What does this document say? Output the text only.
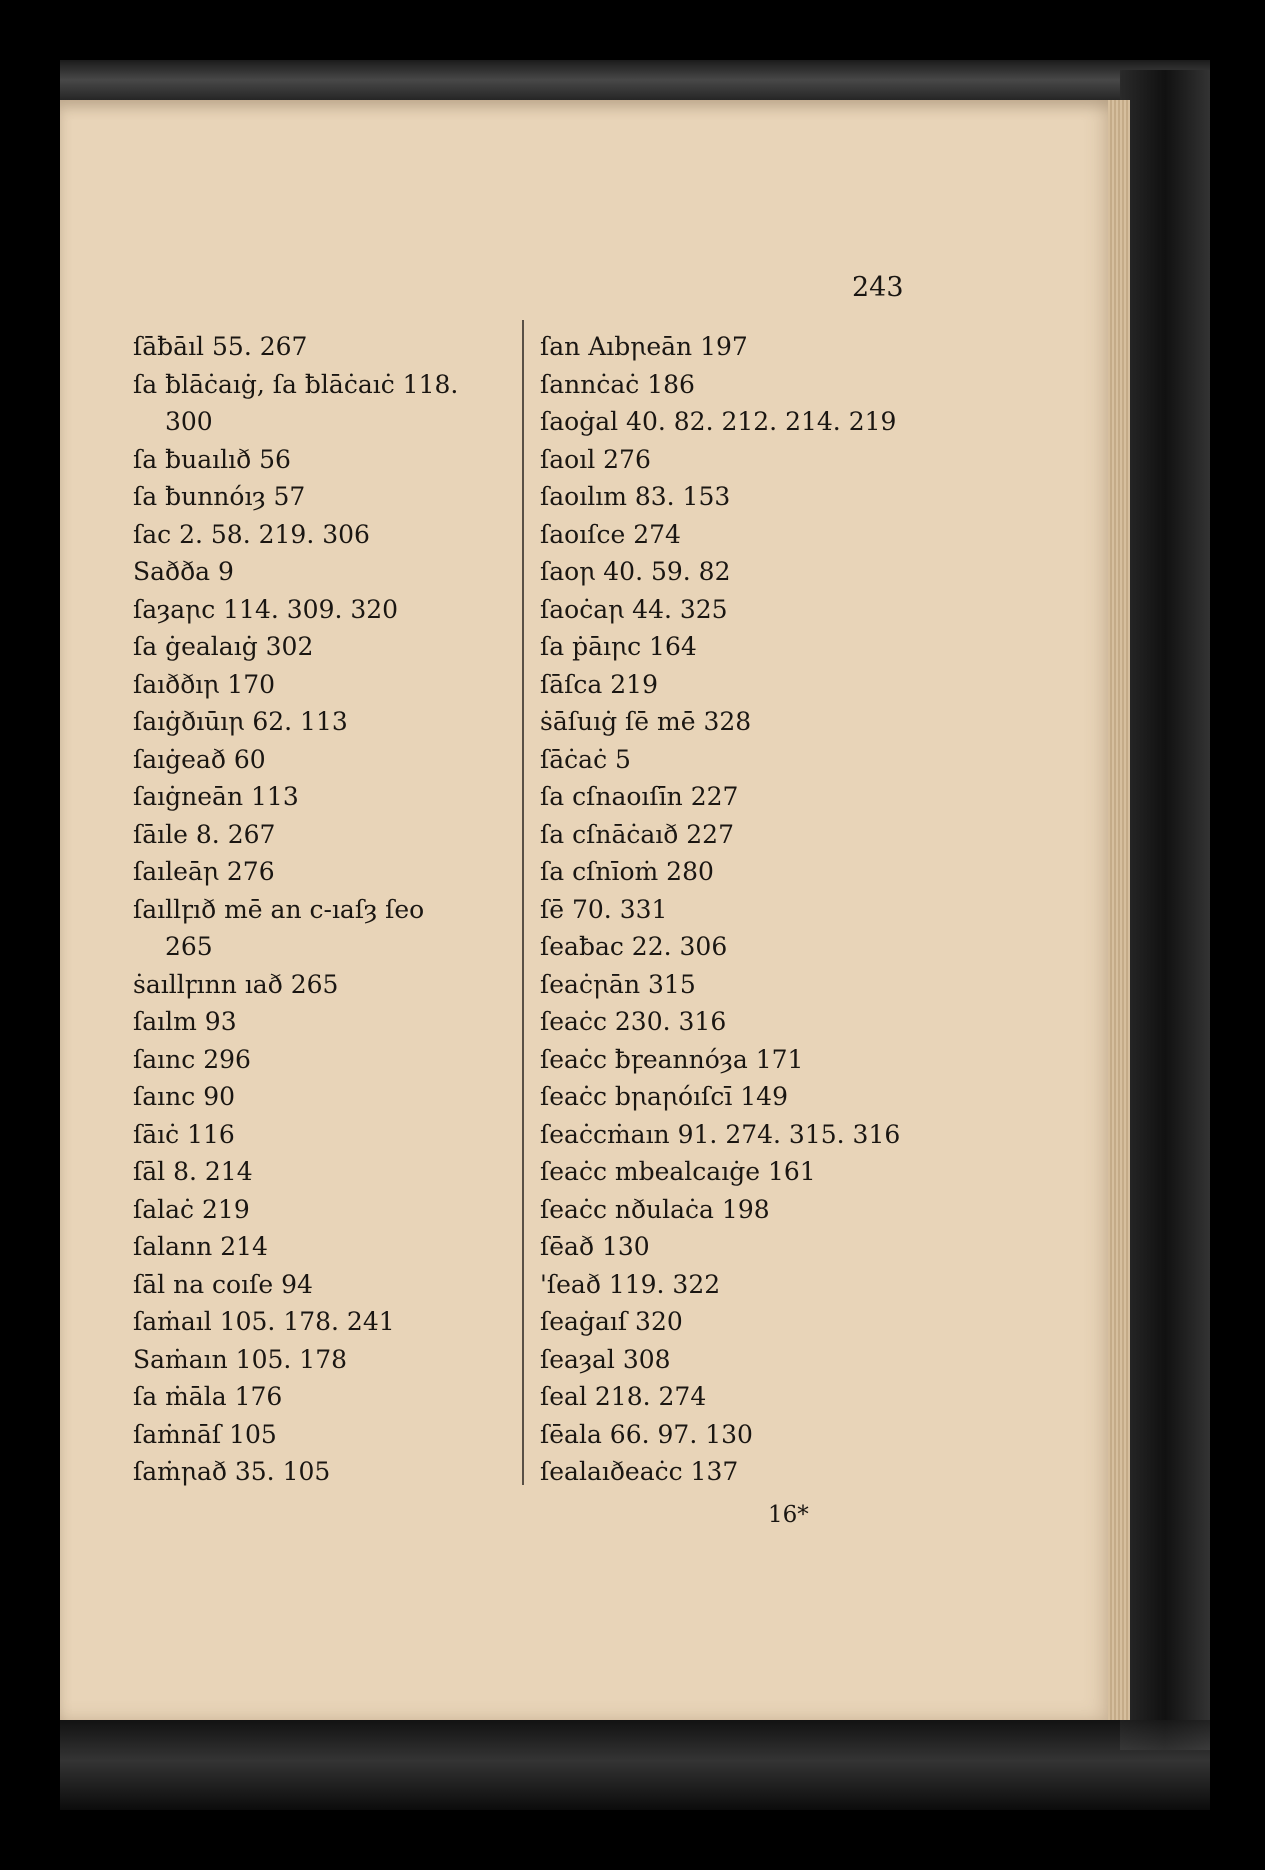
243
ſāƀāıl 55. 267
ſa ƀlāċaıġ, ſa ƀlāċaıċ 118.
300
ſa ƀuaılıð 56
ſa ƀunnóıȝ 57
ſac 2. 58. 219. 306
Saððа 9
ſaȝaꞃc 114. 309. 320
ſa ġealaıġ 302
ſaıððıꞃ 170
ſaıġðıūıꞃ 62. 113
ſaıġeað 60
ſaıġneān 113
ſāıle 8. 267
ſaıleāꞃ 276
ſaıllꝼıð mē an c-ıaſȝ ſeo
265
ṡaıllꝼınn ıað 265
ſaılm 93
ſaınc 296
ſaınc 90
ſāıċ 116
ſāl 8. 214
ſalaċ 219
ſalann 214
ſāl na coıſe 94
ſaṁaıl 105. 178. 241
Saṁaın 105. 178
ſa ṁāla 176
ſaṁnāſ 105
ſaṁꞃað 35. 105
ſan Aıbꞃeān 197
ſannċaċ 186
ſaoġal 40. 82. 212. 214. 219
ſaoıl 276
ſaoılım 83. 153
ſaoıſce 274
ſaoꞃ 40. 59. 82
ſaoċaꞃ 44. 325
ſa ṗāıꞃc 164
ſāſca 219
ṡāſuıġ ſē mē 328
ſāċaċ 5
ſa cſnaoıſīn 227
ſa cſnāċaıð 227
ſa cſnīoṁ 280
ſē 70. 331
ſeaƀac 22. 306
ſeaċꞃān 315
ſeaċc 230. 316
ſeaċc ƀꝼeannóȝa 171
ſeaċc bꞃaꞃóıſcī 149
ſeaċcṁaın 91. 274. 315. 316
ſeaċc mbealcaıġe 161
ſeaċc nðulaċa 198
ſēað 130
'ſeað 119. 322
ſeaġaıſ 320
ſeaȝal 308
ſeal 218. 274
ſēala 66. 97. 130
ſealaıðeaċc 137
16*
